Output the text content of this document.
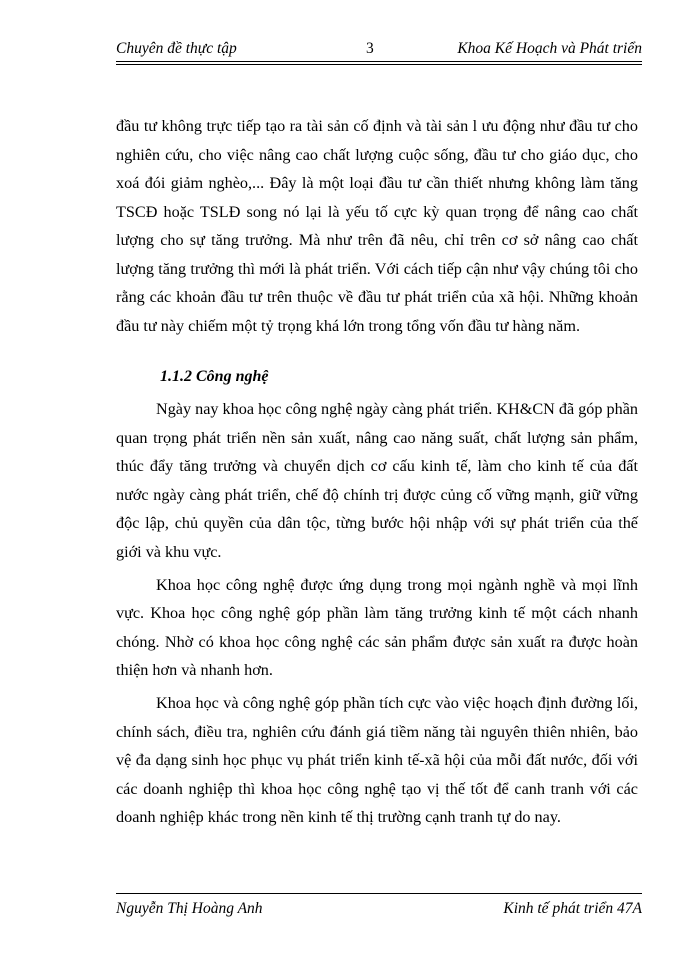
Chuyên đề thực tập	3	Khoa Kế Hoạch và Phát triển

đầu tư không trực tiếp tạo ra tài sản cố định và tài sản l ưu động như đầu tư cho nghiên cứu, cho việc nâng cao chất lượng cuộc sống, đầu tư cho giáo dục, cho xoá đói giảm nghèo,... Đây là một loại đầu tư cần thiết nhưng không làm tăng TSCĐ hoặc TSLĐ song nó lại là yếu tố cực kỳ quan trọng để nâng cao chất lượng cho sự tăng trưởng. Mà như trên đã nêu, chỉ trên cơ sở nâng cao chất lượng tăng trưởng thì mới là phát triển. Với cách tiếp cận như vậy chúng tôi cho rằng các khoản đầu tư trên thuộc về đầu tư phát triển của xã hội. Những khoản đầu tư này chiếm một tỷ trọng khá lớn trong tổng vốn đầu tư hàng năm.

1.1.2 Công nghệ

Ngày nay khoa học công nghệ ngày càng phát triển. KH&CN đã góp phần quan trọng phát triển nền sản xuất, nâng cao năng suất, chất lượng sản phẩm, thúc đẩy tăng trưởng và chuyển dịch cơ cấu kinh tế, làm cho kinh tế của đất nước ngày càng phát triển, chế độ chính trị được củng cố vững mạnh, giữ vững độc lập, chủ quyền của dân tộc, từng bước hội nhập với sự phát triển của thế giới và khu vực.

Khoa học công nghệ được ứng dụng trong mọi ngành nghề và mọi lĩnh vực. Khoa học công nghệ góp phần làm tăng trưởng kinh tế một cách nhanh chóng. Nhờ có khoa học công nghệ các sản phẩm được sản xuất ra được hoàn thiện hơn và nhanh hơn.

Khoa học và công nghệ góp phần tích cực vào việc hoạch định đường lối, chính sách, điều tra, nghiên cứu đánh giá tiềm năng tài nguyên thiên nhiên, bảo vệ đa dạng sinh học phục vụ phát triển kinh tế-xã hội của mỗi đất nước, đối với các doanh nghiệp thì khoa học công nghệ tạo vị thế tốt để canh tranh với các doanh nghiệp khác trong nền kinh tế thị trường cạnh tranh tự do nay.

Nguyễn Thị Hoàng Anh	Kinh tế phát triển 47A
